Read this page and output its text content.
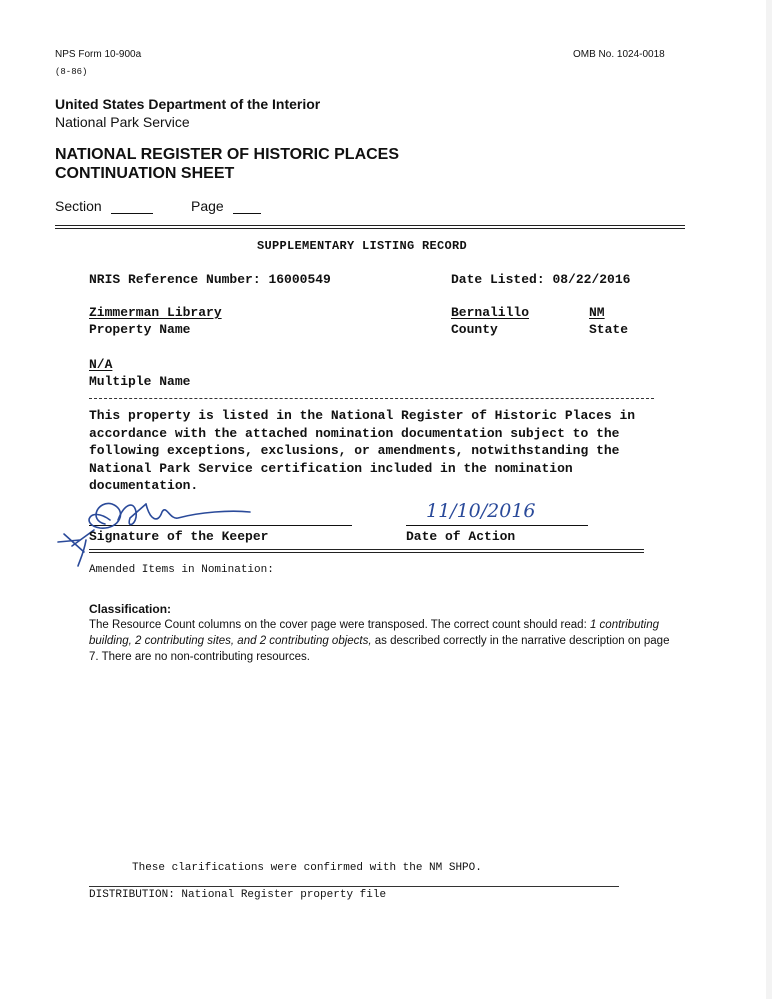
NPS Form 10-900a
(8-86)
OMB No. 1024-0018
United States Department of the Interior
National Park Service
NATIONAL REGISTER OF HISTORIC PLACES
CONTINUATION SHEET
Section	Page
SUPPLEMENTARY LISTING RECORD
NRIS Reference Number: 16000549	Date Listed: 08/22/2016
Zimmerman Library
Property Name
Bernalillo
County
NM
State
N/A
Multiple Name
This property is listed in the National Register of Historic Places in
accordance with the attached nomination documentation subject to the
following exceptions, exclusions, or amendments, notwithstanding the
National Park Service certification included in the nomination
documentation.
11/10/2016
Signature of the Keeper	Date of Action
Amended Items in Nomination:
Classification:
The Resource Count columns on the cover page were transposed. The correct count should read: 1 contributing
building, 2 contributing sites, and 2 contributing objects, as described correctly in the narrative description on page
7. There are no non-contributing resources.
These clarifications were confirmed with the NM SHPO.
DISTRIBUTION: National Register property file
